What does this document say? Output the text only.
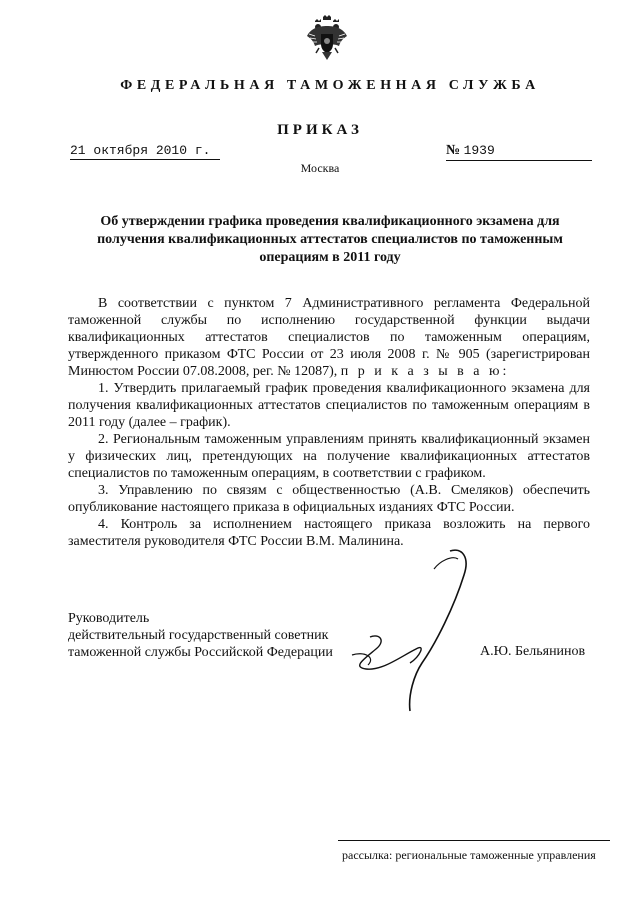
ФЕДЕРАЛЬНАЯ ТАМОЖЕННАЯ СЛУЖБА
ПРИКАЗ
21 октября 2010 г.	№ 1939
Москва
Об утверждении графика проведения квалификационного экзамена для получения квалификационных аттестатов специалистов по таможенным операциям в 2011 году

В соответствии с пунктом 7 Административного регламента Федеральной таможенной службы по исполнению государственной функции выдачи квалификационных аттестатов специалистов по таможенным операциям, утвержденного приказом ФТС России от 23 июля 2008 г. № 905 (зарегистрирован Минюстом России 07.08.2008, рег. № 12087), п р и к а з ы в а ю:

1. Утвердить прилагаемый график проведения квалификационного экзамена для получения квалификационных аттестатов специалистов по таможенным операциям в 2011 году (далее – график).

2. Региональным таможенным управлениям принять квалификационный экзамен у физических лиц, претендующих на получение квалификационных аттестатов специалистов по таможенным операциям, в соответствии с графиком.

3. Управлению по связям с общественностью (А.В. Смеляков) обеспечить опубликование настоящего приказа в официальных изданиях ФТС России.

4. Контроль за исполнением настоящего приказа возложить на первого заместителя руководителя ФТС России В.М. Малинина.

Руководитель
действительный государственный советник
таможенной службы Российской Федерации	А.Ю. Бельянинов
рассылка: региональные таможенные управления
